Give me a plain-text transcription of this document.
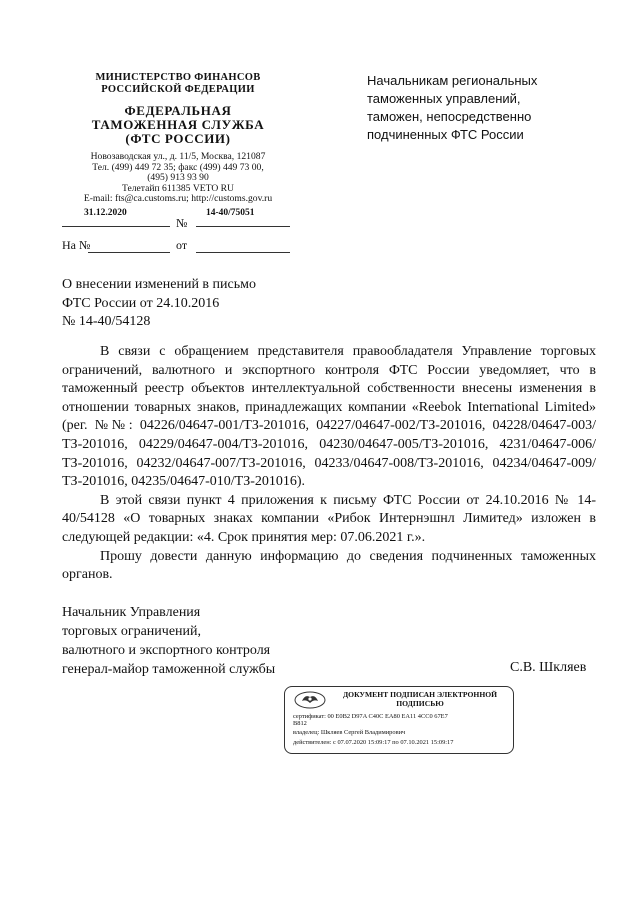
МИНИСТЕРСТВО ФИНАНСОВ
РОССИЙСКОЙ ФЕДЕРАЦИИ
ФЕДЕРАЛЬНАЯ
ТАМОЖЕННАЯ СЛУЖБА
(ФТС РОССИИ)
Новозаводская ул., д. 11/5, Москва, 121087
Тел. (499) 449 72 35; факс (499) 449 73 00,
(495) 913 93 90
Телетайп 611385 VETO RU
E-mail: fts@ca.customs.ru; http://customs.gov.ru
31.12.2020
№
14-40/75051
На №	от
Начальникам региональных
таможенных управлений,
таможен, непосредственно
подчиненных ФТС России
О внесении изменений в письмо
ФТС России от 24.10.2016
№ 14-40/54128

В связи с обращением представителя правообладателя Управление торговых ограничений, валютного и экспортного контроля ФТС России уведомляет, что в таможенный реестр объектов интеллектуальной собственности внесены изменения в отношении товарных знаков, принадлежащих компании «Reebok International Limited» (рег. №№: 04226/04647-001/ТЗ-201016, 04227/04647-002/ТЗ-201016, 04228/04647-003/ТЗ-201016, 04229/04647-004/ТЗ-201016, 04230/04647-005/ТЗ-201016, 4231/04647-006/ТЗ-201016, 04232/04647-007/ТЗ-201016, 04233/04647-008/ТЗ-201016, 04234/04647-009/ТЗ-201016, 04235/04647-010/ТЗ-201016).

В этой связи пункт 4 приложения к письму ФТС России от 24.10.2016 № 14-40/54128 «О товарных знаках компании «Рибок Интернэшнл Лимитед» изложен в следующей редакции: «4. Срок принятия мер: 07.06.2021 г.».

Прошу довести данную информацию до сведения подчиненных таможенных органов.

Начальник Управления
торговых ограничений,
валютного и экспортного контроля
генерал-майор таможенной службы	С.В. Шкляев
ДОКУМЕНТ ПОДПИСАН ЭЛЕКТРОННОЙ
ПОДПИСЬЮ
сертификат: 00 E0B2 D97A C40C EA80 EA11 4CC0 67E7
B812
владелец: Шкляев Сергей Владимирович
действителен: с 07.07.2020 15:09:17 по 07.10.2021 15:09:17
